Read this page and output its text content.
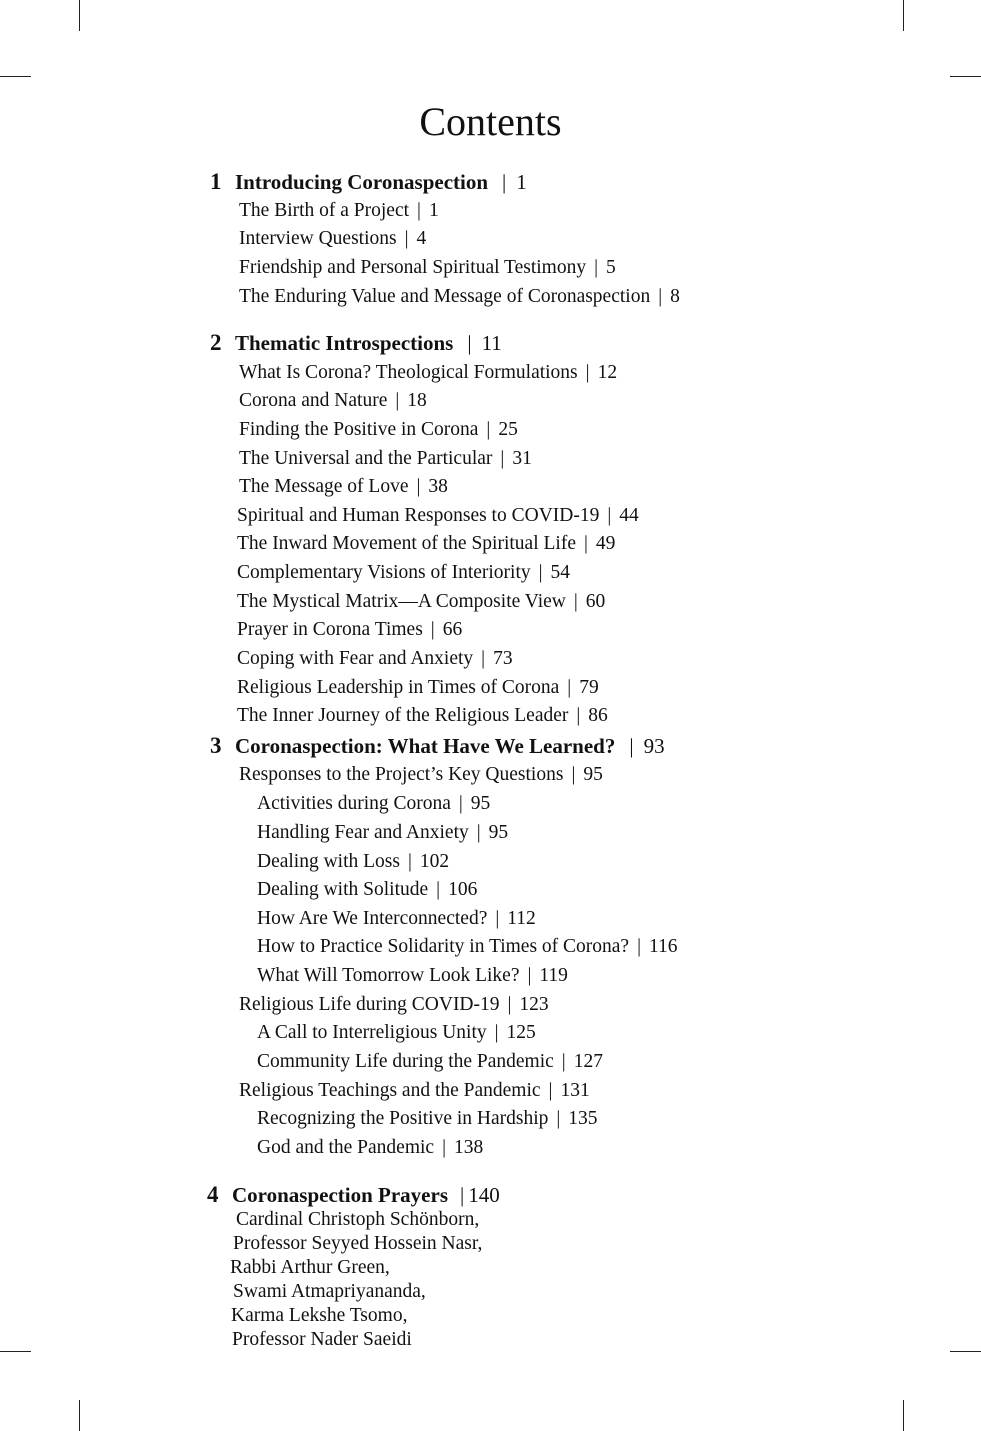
Contents
1 Introducing Coronaspection | 1
The Birth of a Project | 1
Interview Questions | 4
Friendship and Personal Spiritual Testimony | 5
The Enduring Value and Message of Coronaspection | 8
2 Thematic Introspections | 11
What Is Corona? Theological Formulations | 12
Corona and Nature | 18
Finding the Positive in Corona | 25
The Universal and the Particular | 31
The Message of Love | 38
Spiritual and Human Responses to COVID-19 | 44
The Inward Movement of the Spiritual Life | 49
Complementary Visions of Interiority | 54
The Mystical Matrix—A Composite View | 60
Prayer in Corona Times | 66
Coping with Fear and Anxiety | 73
Religious Leadership in Times of Corona | 79
The Inner Journey of the Religious Leader | 86
3 Coronaspection: What Have We Learned? | 93
Responses to the Project’s Key Questions | 95
Activities during Corona | 95
Handling Fear and Anxiety | 95
Dealing with Loss | 102
Dealing with Solitude | 106
How Are We Interconnected? | 112
How to Practice Solidarity in Times of Corona? | 116
What Will Tomorrow Look Like? | 119
Religious Life during COVID-19 | 123
A Call to Interreligious Unity | 125
Community Life during the Pandemic | 127
Religious Teachings and the Pandemic | 131
Recognizing the Positive in Hardship | 135
God and the Pandemic | 138
4 Coronaspection Prayers | 140
Cardinal Christoph Schönborn,
Professor Seyyed Hossein Nasr,
Rabbi Arthur Green,
Swami Atmapriyananda,
Karma Lekshe Tsomo,
Professor Nader Saeidi
